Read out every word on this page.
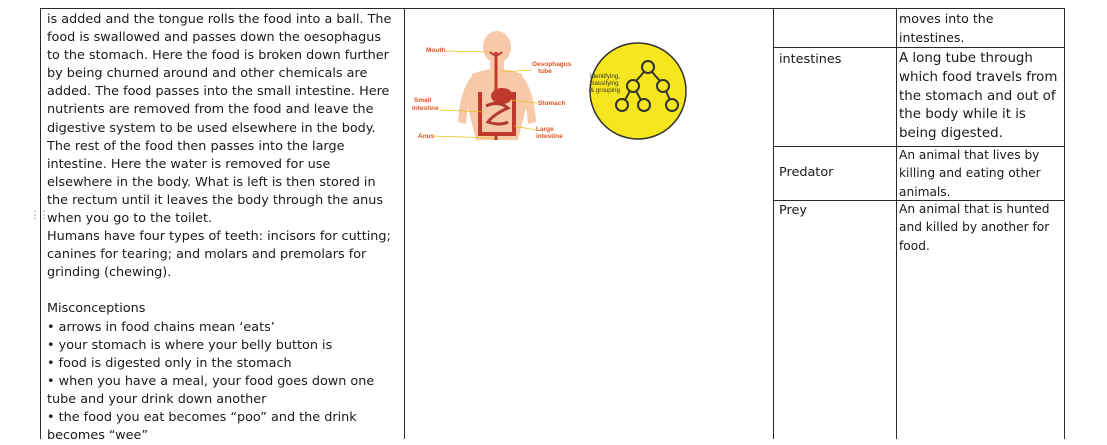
is added and the tongue rolls the food into a ball. The food is swallowed and passes down the oesophagus to the stomach. Here the food is broken down further by being churned around and other chemicals are added. The food passes into the small intestine. Here nutrients are removed from the food and leave the digestive system to be used elsewhere in the body. The rest of the food then passes into the large intestine. Here the water is removed for use elsewhere in the body. What is left is then stored in the rectum until it leaves the body through the anus when you go to the toilet.

Humans have four types of teeth: incisors for cutting; canines for tearing; and molars and premolars for grinding (chewing).

Misconceptions

• arrows in food chains mean ‘eats’

• your stomach is where your belly button is

• food is digested only in the stomach

• when you have a meal, your food goes down one tube and your drink down another

• the food you eat becomes “poo” and the drink becomes “wee”

moves into the intestines.
intestines	A long tube through which food travels from the stomach and out of the body while it is being digested.
Predator
An animal that lives by killing and eating other animals.
Prey	An animal that is hunted and killed by another for food.
⋮⋮
Mouth
Oesophagus tube
Stomach
Small intestine
Anus
Large intestine
Identifying,
classifying
& grouping
